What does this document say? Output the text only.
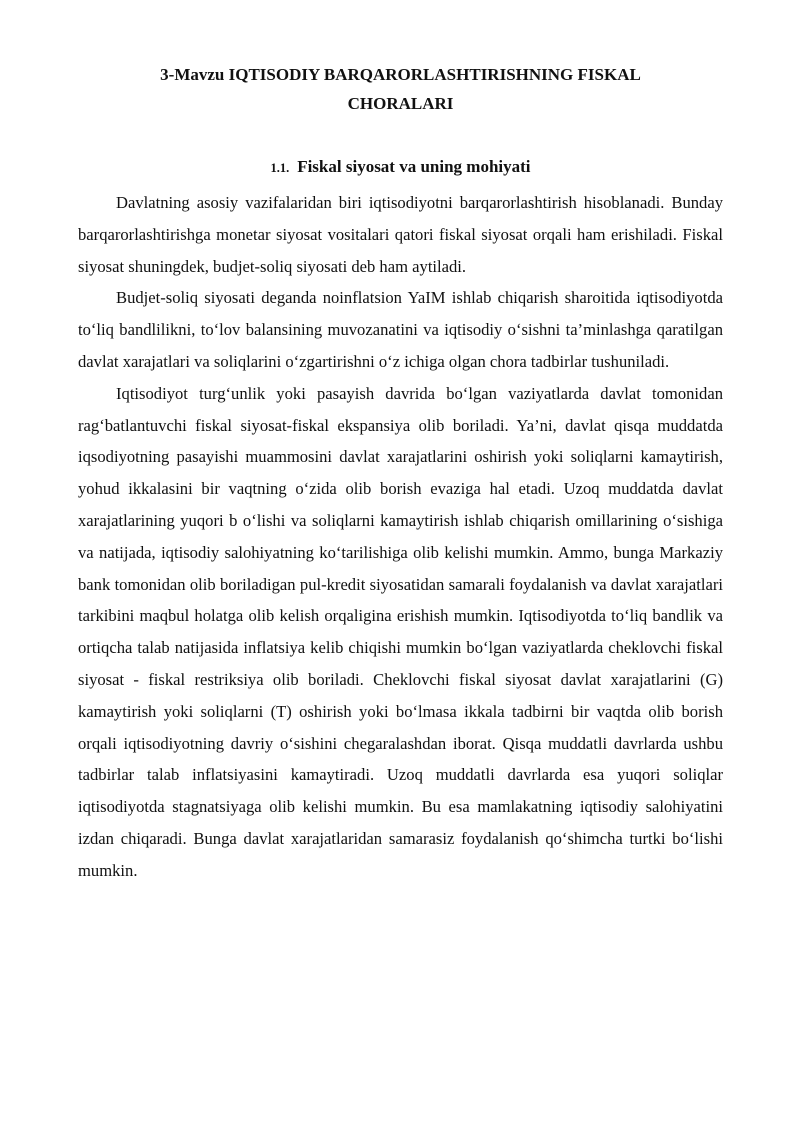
3-Mavzu IQTISODIY BARQARORLASHTIRISHNING FISKAL
CHORALARI
1.1. Fiskal siyosat va uning mohiyati

Davlatning asosiy vazifalaridan biri iqtisodiyotni barqarorlashtirish hisoblanadi. Bunday barqarorlashtirishga monetar siyosat vositalari qatori fiskal siyosat orqali ham erishiladi. Fiskal siyosat shuningdek, budjet-soliq siyosati deb ham aytiladi.

Budjet-soliq siyosati deganda noinflatsion YaIM ishlab chiqarish sharoitida iqtisodiyotda to‘liq bandlilikni, to‘lov balansining muvozanatini va iqtisodiy o‘sishni ta’minlashga qaratilgan davlat xarajatlari va soliqlarini o‘zgartirishni o‘z ichiga olgan chora tadbirlar tushuniladi.

Iqtisodiyot turg‘unlik yoki pasayish davrida bo‘lgan vaziyatlarda davlat tomonidan rag‘batlantuvchi fiskal siyosat-fiskal ekspansiya olib boriladi. Ya’ni, davlat qisqa muddatda iqsodiyotning pasayishi muammosini davlat xarajatlarini oshirish yoki soliqlarni kamaytirish, yohud ikkalasini bir vaqtning o‘zida olib borish evaziga hal etadi. Uzoq muddatda davlat xarajatlarining yuqori b o‘lishi va soliqlarni kamaytirish ishlab chiqarish omillarining o‘sishiga va natijada, iqtisodiy salohiyatning ko‘tarilishiga olib kelishi mumkin. Ammo, bunga Markaziy bank tomonidan olib boriladigan pul-kredit siyosatidan samarali foydalanish va davlat xarajatlari tarkibini maqbul holatga olib kelish orqaligina erishish mumkin. Iqtisodiyotda to‘liq bandlik va ortiqcha talab natijasida inflatsiya kelib chiqishi mumkin bo‘lgan vaziyatlarda cheklovchi fiskal siyosat - fiskal restriksiya olib boriladi. Cheklovchi fiskal siyosat davlat xarajatlarini (G) kamaytirish yoki soliqlarni (T) oshirish yoki bo‘lmasa ikkala tadbirni bir vaqtda olib borish orqali iqtisodiyotning davriy o‘sishini chegaralashdan iborat. Qisqa muddatli davrlarda ushbu tadbirlar talab inflatsiyasini kamaytiradi. Uzoq muddatli davrlarda esa yuqori soliqlar iqtisodiyotda stagnatsiyaga olib kelishi mumkin. Bu esa mamlakatning iqtisodiy salohiyatini izdan chiqaradi. Bunga davlat xarajatlaridan samarasiz foydalanish qo‘shimcha turtki bo‘lishi mumkin.
